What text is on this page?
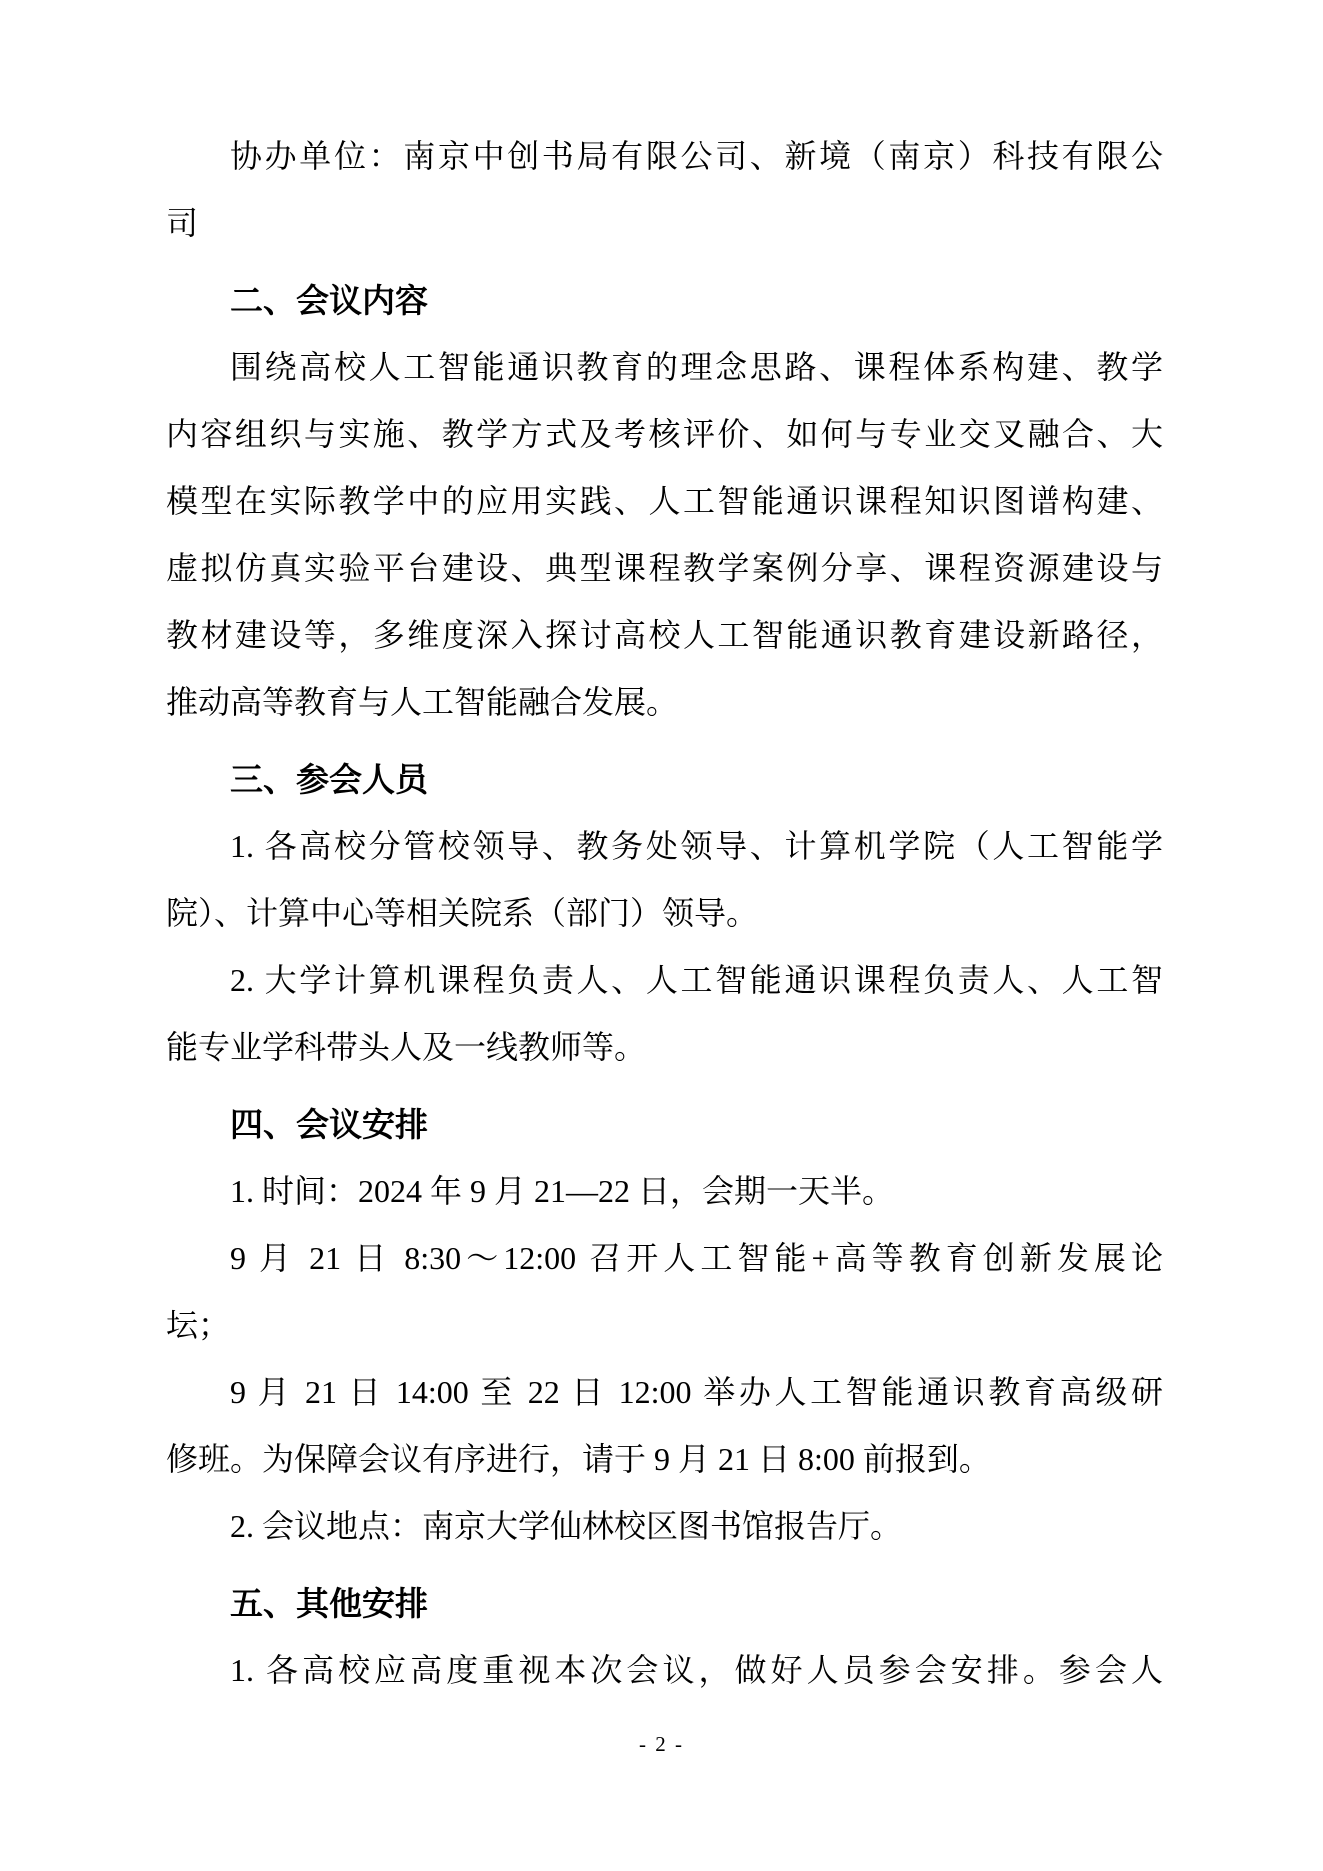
协办单位：南京中创书局有限公司、新境（南京）科技有限公
司
二、会议内容
围绕高校人工智能通识教育的理念思路、课程体系构建、教学
内容组织与实施、教学方式及考核评价、如何与专业交叉融合、大
模型在实际教学中的应用实践、人工智能通识课程知识图谱构建、
虚拟仿真实验平台建设、典型课程教学案例分享、课程资源建设与
教材建设等，多维度深入探讨高校人工智能通识教育建设新路径，
推动高等教育与人工智能融合发展。
三、参会人员
1. 各高校分管校领导、教务处领导、计算机学院（人工智能学
院）、计算中心等相关院系（部门）领导。
2. 大学计算机课程负责人、人工智能通识课程负责人、人工智
能专业学科带头人及一线教师等。
四、会议安排
1. 时间：2024 年 9 月 21—22 日，会期一天半。
9 月 21 日 8:30～12:00 召开人工智能+高等教育创新发展论
坛；
9 月 21 日 14:00 至 22 日 12:00 举办人工智能通识教育高级研
修班。为保障会议有序进行，请于 9 月 21 日 8:00 前报到。
2. 会议地点：南京大学仙林校区图书馆报告厅。
五、其他安排
1. 各高校应高度重视本次会议，做好人员参会安排。参会人
- 2 -
